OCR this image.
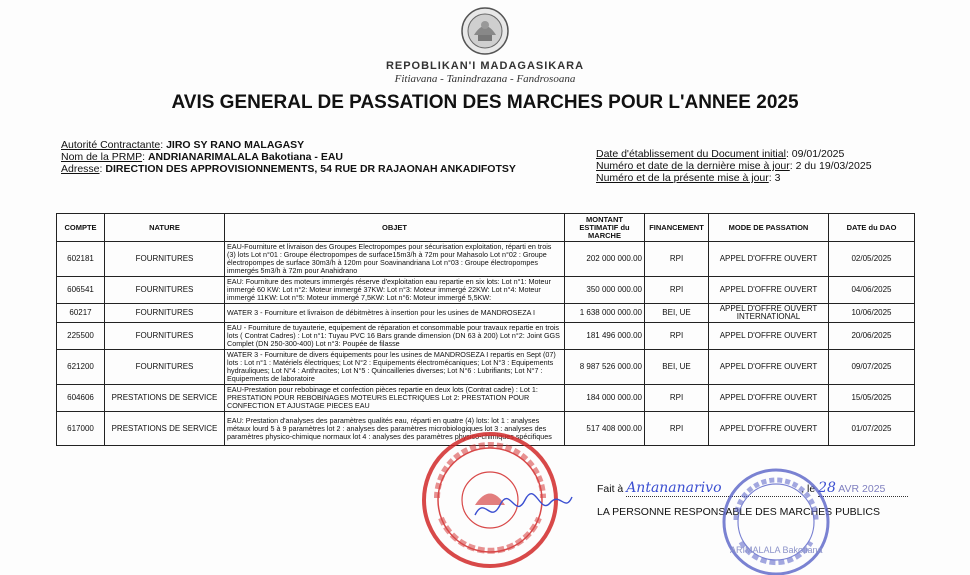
REPOBLIKAN'I MADAGASIKARA
Fitiavana - Tanindrazana - Fandrosoana
AVIS GENERAL DE PASSATION DES MARCHES POUR L'ANNEE 2025
Autorité Contractante: JIRO SY RANO MALAGASY
Nom de la PRMP: ANDRIANARIMALALA Bakotiana - EAU
Adresse: DIRECTION DES APPROVISIONNEMENTS, 54 RUE DR RAJAONAH ANKADIFOTSY
Date d'établissement du Document initial: 09/01/2025
Numéro et date de la dernière mise à jour: 2 du 19/03/2025
Numéro et de la présente mise à jour: 3
COMPTE	NATURE	OBJET	MONTANT ESTIMATIF du MARCHE	FINANCEMENT	MODE DE PASSATION	DATE du DAO
602181	FOURNITURES	EAU-Fourniture et livraison des Groupes Electropompes pour sécurisation exploitation, réparti en trois (3) lots Lot n°01 : Groupe électropompes de surface15m3/h à 72m pour Mahasolo Lot n°02 : Groupe électropompes de surface 30m3/h à 120m pour Soavinandriana Lot n°03 : Groupe électropompes immergés 5m3/h à 72m pour Anahidrano	202 000 000.00	RPI	APPEL D'OFFRE OUVERT	02/05/2025
606541	FOURNITURES	EAU: Fourniture des moteurs immergés réserve d'exploitation eau repartie en six lots: Lot n°1: Moteur immergé 60 KW: Lot n°2: Moteur immergé 37KW: Lot n°3: Moteur immergé 22KW: Lot n°4: Moteur immergé 11KW: Lot n°5: Moteur immergé 7,5KW: Lot n°6: Moteur immergé 5,5KW:	350 000 000.00	RPI	APPEL D'OFFRE OUVERT	04/06/2025
60217	FOURNITURES	WATER 3 - Fourniture et livraison de débitmètres à insertion pour les usines de MANDROSEZA I	1 638 000 000.00	BEI, UE	APPEL D'OFFRE OUVERT INTERNATIONAL	10/06/2025
225500	FOURNITURES	EAU - Fourniture de tuyauterie, equipement de réparation et consommable pour travaux repartie en trois lots ( Contrat Cadres) : Lot n°1: Tuyau PVC 16 Bars grande dimension (DN 63 à 200) Lot n°2: Joint GGS Complet (DN 250-300-400) Lot n°3: Poupée de filasse	181 496 000.00	RPI	APPEL D'OFFRE OUVERT	20/06/2025
621200	FOURNITURES	WATER 3 - Fourniture de divers équipements pour les usines de MANDROSEZA I repartis en Sept (07) lots : Lot n°1 : Matériels électriques; Lot N°2 : Equipements électromécaniques; Lot N°3 : Equipements hydrauliques; Lot N°4 : Anthracites; Lot N°5 : Quincailleries diverses; Lot N°6 : Lubrifiants; Lot N°7 : Equipements de laboratoire	8 987 526 000.00	BEI, UE	APPEL D'OFFRE OUVERT	09/07/2025
604606	PRESTATIONS DE SERVICE	EAU-Prestation pour rebobinage et confection pièces repartie en deux lots (Contrat cadre) : Lot 1: PRESTATION POUR REBOBINAGES MOTEURS ELECTRIQUES Lot 2: PRESTATION POUR CONFECTION ET AJUSTAGE PIECES EAU	184 000 000.00	RPI	APPEL D'OFFRE OUVERT	15/05/2025
617000	PRESTATIONS DE SERVICE	EAU: Prestation d'analyses des paramètres qualités eau, réparti en quatre (4) lots: lot 1 : analyses métaux lourd 5 à 9 paramètres lot 2 : analyses des paramètres microbiologiques lot 3 : analyses des paramètres physico-chimique normaux lot 4 : analyses des paramètres physico-chimiques spécifiques	517 408 000.00	RPI	APPEL D'OFFRE OUVERT	01/07/2025
Fait à Antananarivo	, le 28 AVR 2025
LA PERSONNE RESPONSABLE DES MARCHES PUBLICS
ARIMALALA Bakotiana
